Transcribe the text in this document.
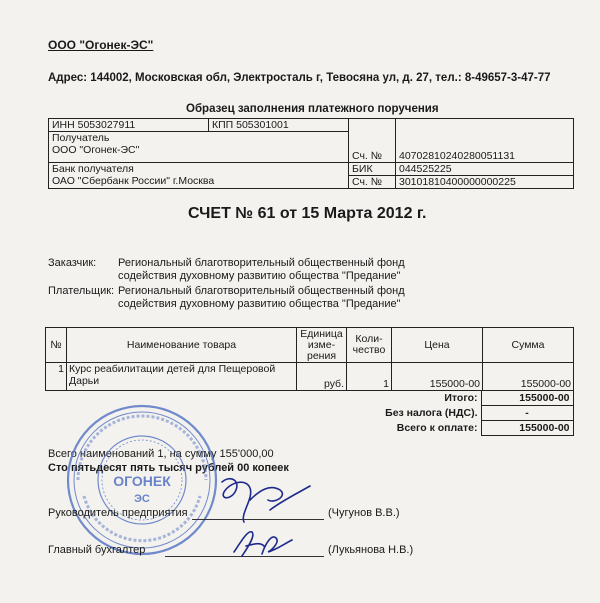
ООО "Огонек-ЭС"
Адрес: 144002, Московская обл, Электросталь г, Тевосяна ул, д. 27, тел.: 8-49657-3-47-77
Образец заполнения платежного поручения
ИНН 5053027911	КПП 505301001		

Получатель
ООО "Огонек-ЭС"		Сч. №	40702810240280051131

Банк получателя
ОАО "Сбербанк России" г.Москва		БИК	044525225
		Сч. №	30101810400000000225
СЧЕТ № 61 от 15 Марта 2012 г.
Заказчик: Региональный благотворительный общественный фонд
содействия духовному развитию общества "Предание"
Плательщик: Региональный благотворительный общественный фонд
содействия духовному развитию общества "Предание"
№	Наименование товара	Единица изме-рения	Коли-чество	Цена	Сумма
1	Курс реабилитации детей для Пещеровой Дарьи	руб.	1	155000-00	155000-00
Итого:	155000-00
Без налога (НДС).	-
Всего к оплате:	155000-00
Всего наименований 1, на сумму 155'000,00
Сто пятьдесят пять тысяч рублей 00 копеек
ОГОНЕК
ЭС
Руководитель предприятия	(Чугунов В.В.)
Главный бухгалтер	(Лукьянова Н.В.)
